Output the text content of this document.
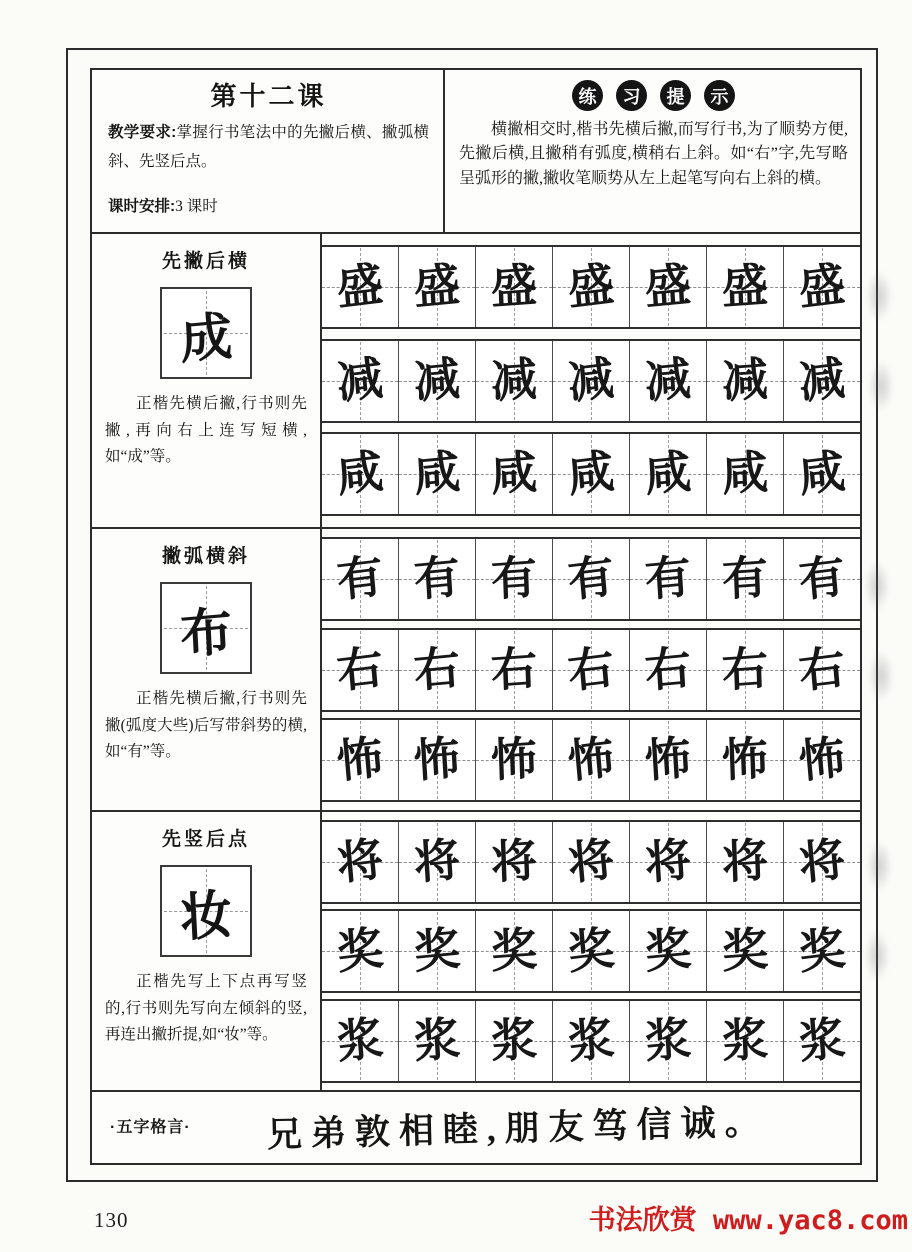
第十二课
教学要求:掌握行书笔法中的先撇后横、撇弧横斜、先竖后点。
课时安排:3 课时
练	习	提	示
横撇相交时,楷书先横后撇,而写行书,为了顺势方便,先撇后横,且撇稍有弧度,横稍右上斜。如“右”字,先写略呈弧形的撇,撇收笔顺势从左上起笔写向右上斜的横。
先撇后横
成
正楷先横后撇,行书则先撇,再向右上连写短横,如“成”等。
盛 盛 盛 盛 盛 盛 盛
减 减 减 减 减 减 减
咸 咸 咸 咸 咸 咸 咸
撇弧横斜
布
正楷先横后撇,行书则先撇(弧度大些)后写带斜势的横,如“有”等。
有 有 有 有 有 有 有
右 右 右 右 右 右 右
怖 怖 怖 怖 怖 怖 怖
先竖后点
妆
正楷先写上下点再写竖的,行书则先写向左倾斜的竖,再连出撇折提,如“妆”等。
将 将 将 将 将 将 将
奖 奖 奖 奖 奖 奖 奖
浆 浆 浆 浆 浆 浆 浆
·五字格言·	兄弟敦相睦,朋友笃信诚。
130	书法欣赏 www.yac8.com
